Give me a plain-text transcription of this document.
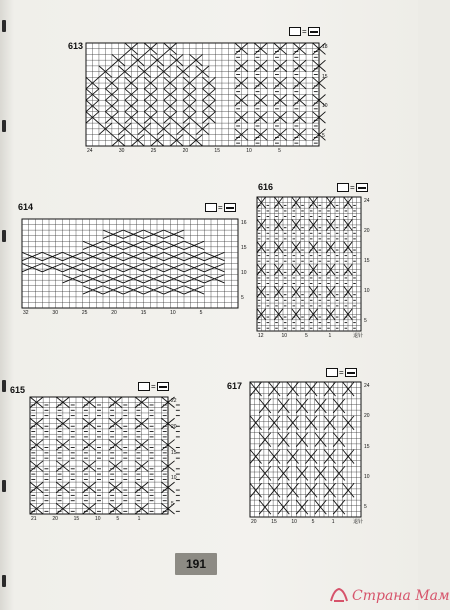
613
=
18
15
10
5
24	30	25	20	15	10	5
614	=
16
15
10
5
32	30	25	20	15	10	5
616	=
24
20
15
10
5
12	10	5	1	退针
615	=
22
20
15
10
5
21	20	15	10	5	1
617
=
24
20
15
10
5
20	15	10	5	1	退针
191
Страна Мам
